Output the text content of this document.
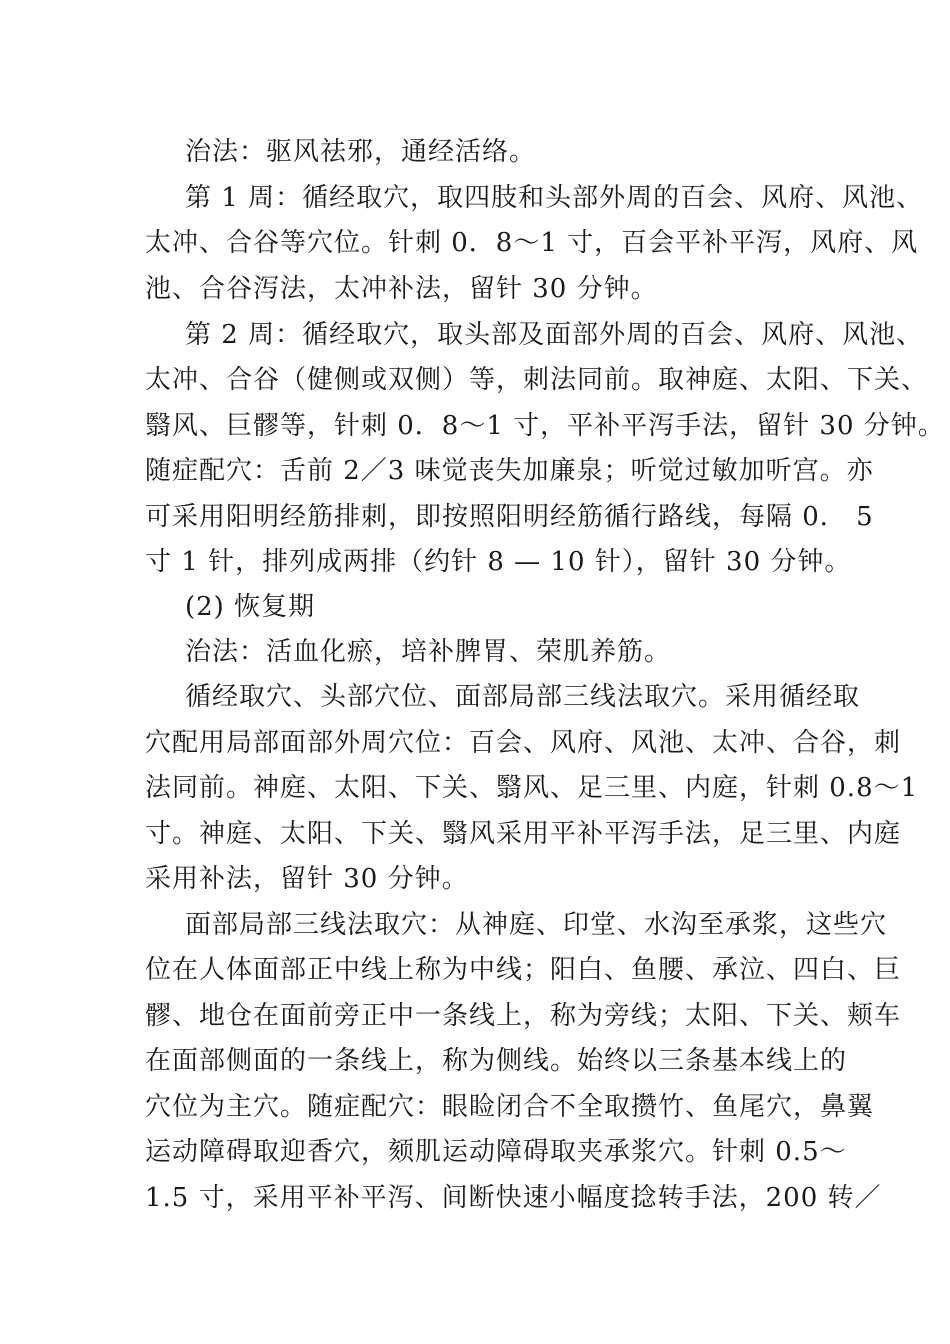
治法：驱风祛邪，通经活络。
第 1 周：循经取穴，取四肢和头部外周的百会、风府、风池、
太冲、合谷等穴位。针刺 0．8～1 寸，百会平补平泻，风府、风
池、合谷泻法，太冲补法，留针 30 分钟。
第 2 周：循经取穴，取头部及面部外周的百会、风府、风池、
太冲、合谷（健侧或双侧）等，刺法同前。取神庭、太阳、下关、
翳风、巨髎等，针刺 0．8～1 寸，平补平泻手法，留针 30 分钟。
随症配穴：舌前 2／3 味觉丧失加廉泉；听觉过敏加听宫。亦
可采用阳明经筋排刺，即按照阳明经筋循行路线，每隔 0． 5
寸 1 针，排列成两排（约针 8 — 10 针），留针 30 分钟。
(2) 恢复期
治法：活血化瘀，培补脾胃、荣肌养筋。
循经取穴、头部穴位、面部局部三线法取穴。采用循经取
穴配用局部面部外周穴位：百会、风府、风池、太冲、合谷，刺
法同前。神庭、太阳、下关、翳风、足三里、内庭，针刺 0.8～1
寸。神庭、太阳、下关、翳风采用平补平泻手法，足三里、内庭
采用补法，留针 30 分钟。
面部局部三线法取穴：从神庭、印堂、水沟至承浆，这些穴
位在人体面部正中线上称为中线；阳白、鱼腰、承泣、四白、巨
髎、地仓在面前旁正中一条线上，称为旁线；太阳、下关、颊车
在面部侧面的一条线上，称为侧线。始终以三条基本线上的
穴位为主穴。随症配穴：眼睑闭合不全取攒竹、鱼尾穴，鼻翼
运动障碍取迎香穴，颏肌运动障碍取夹承浆穴。针刺 0.5～
1.5 寸，采用平补平泻、间断快速小幅度捻转手法，200 转／
